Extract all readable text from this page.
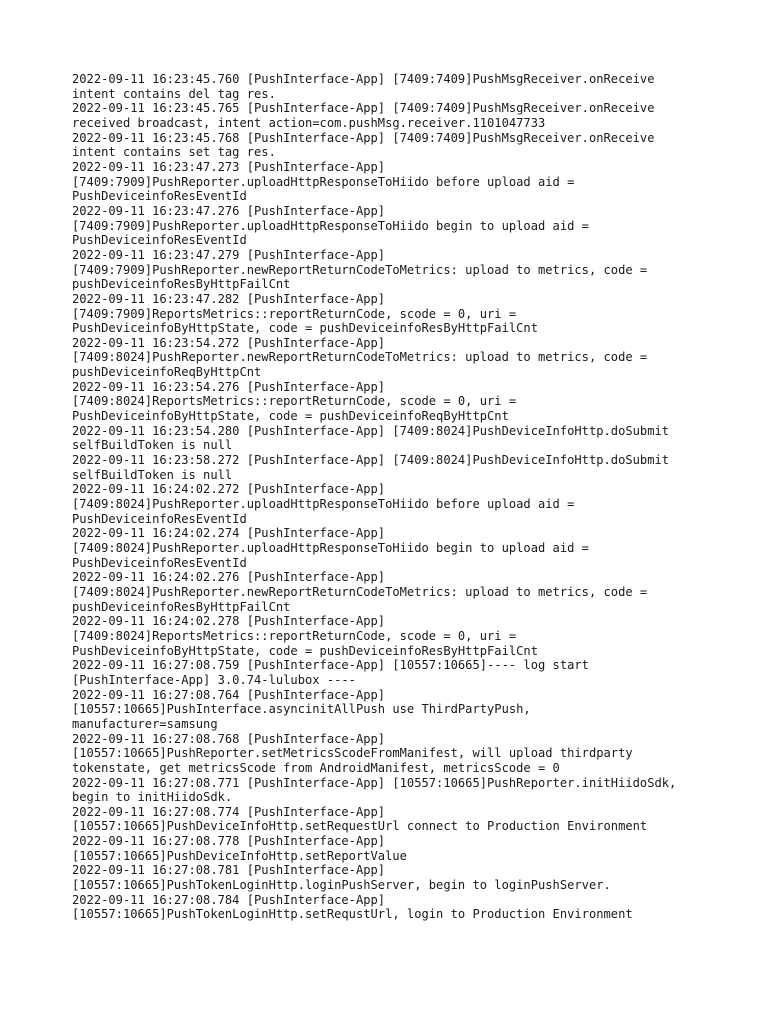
2022-09-11 16:23:45.760 [PushInterface-App] [7409:7409]PushMsgReceiver.onReceive
intent contains del tag res.
2022-09-11 16:23:45.765 [PushInterface-App] [7409:7409]PushMsgReceiver.onReceive
received broadcast, intent action=com.pushMsg.receiver.1101047733
2022-09-11 16:23:45.768 [PushInterface-App] [7409:7409]PushMsgReceiver.onReceive
intent contains set tag res.
2022-09-11 16:23:47.273 [PushInterface-App]
[7409:7909]PushReporter.uploadHttpResponseToHiido before upload aid =
PushDeviceinfoResEventId
2022-09-11 16:23:47.276 [PushInterface-App]
[7409:7909]PushReporter.uploadHttpResponseToHiido begin to upload aid =
PushDeviceinfoResEventId
2022-09-11 16:23:47.279 [PushInterface-App]
[7409:7909]PushReporter.newReportReturnCodeToMetrics: upload to metrics, code =
pushDeviceinfoResByHttpFailCnt
2022-09-11 16:23:47.282 [PushInterface-App]
[7409:7909]ReportsMetrics::reportReturnCode, scode = 0, uri =
PushDeviceinfoByHttpState, code = pushDeviceinfoResByHttpFailCnt
2022-09-11 16:23:54.272 [PushInterface-App]
[7409:8024]PushReporter.newReportReturnCodeToMetrics: upload to metrics, code =
pushDeviceinfoReqByHttpCnt
2022-09-11 16:23:54.276 [PushInterface-App]
[7409:8024]ReportsMetrics::reportReturnCode, scode = 0, uri =
PushDeviceinfoByHttpState, code = pushDeviceinfoReqByHttpCnt
2022-09-11 16:23:54.280 [PushInterface-App] [7409:8024]PushDeviceInfoHttp.doSubmit
selfBuildToken is null
2022-09-11 16:23:58.272 [PushInterface-App] [7409:8024]PushDeviceInfoHttp.doSubmit
selfBuildToken is null
2022-09-11 16:24:02.272 [PushInterface-App]
[7409:8024]PushReporter.uploadHttpResponseToHiido before upload aid =
PushDeviceinfoResEventId
2022-09-11 16:24:02.274 [PushInterface-App]
[7409:8024]PushReporter.uploadHttpResponseToHiido begin to upload aid =
PushDeviceinfoResEventId
2022-09-11 16:24:02.276 [PushInterface-App]
[7409:8024]PushReporter.newReportReturnCodeToMetrics: upload to metrics, code =
pushDeviceinfoResByHttpFailCnt
2022-09-11 16:24:02.278 [PushInterface-App]
[7409:8024]ReportsMetrics::reportReturnCode, scode = 0, uri =
PushDeviceinfoByHttpState, code = pushDeviceinfoResByHttpFailCnt
2022-09-11 16:27:08.759 [PushInterface-App] [10557:10665]---- log start
[PushInterface-App] 3.0.74-lulubox ----
2022-09-11 16:27:08.764 [PushInterface-App]
[10557:10665]PushInterface.asyncinitAllPush use ThirdPartyPush,
manufacturer=samsung
2022-09-11 16:27:08.768 [PushInterface-App]
[10557:10665]PushReporter.setMetricsScodeFromManifest, will upload thirdparty
tokenstate, get metricsScode from AndroidManifest, metricsScode = 0
2022-09-11 16:27:08.771 [PushInterface-App] [10557:10665]PushReporter.initHiidoSdk,
begin to initHiidoSdk.
2022-09-11 16:27:08.774 [PushInterface-App]
[10557:10665]PushDeviceInfoHttp.setRequestUrl connect to Production Environment
2022-09-11 16:27:08.778 [PushInterface-App]
[10557:10665]PushDeviceInfoHttp.setReportValue
2022-09-11 16:27:08.781 [PushInterface-App]
[10557:10665]PushTokenLoginHttp.loginPushServer, begin to loginPushServer.
2022-09-11 16:27:08.784 [PushInterface-App]
[10557:10665]PushTokenLoginHttp.setRequstUrl, login to Production Environment
